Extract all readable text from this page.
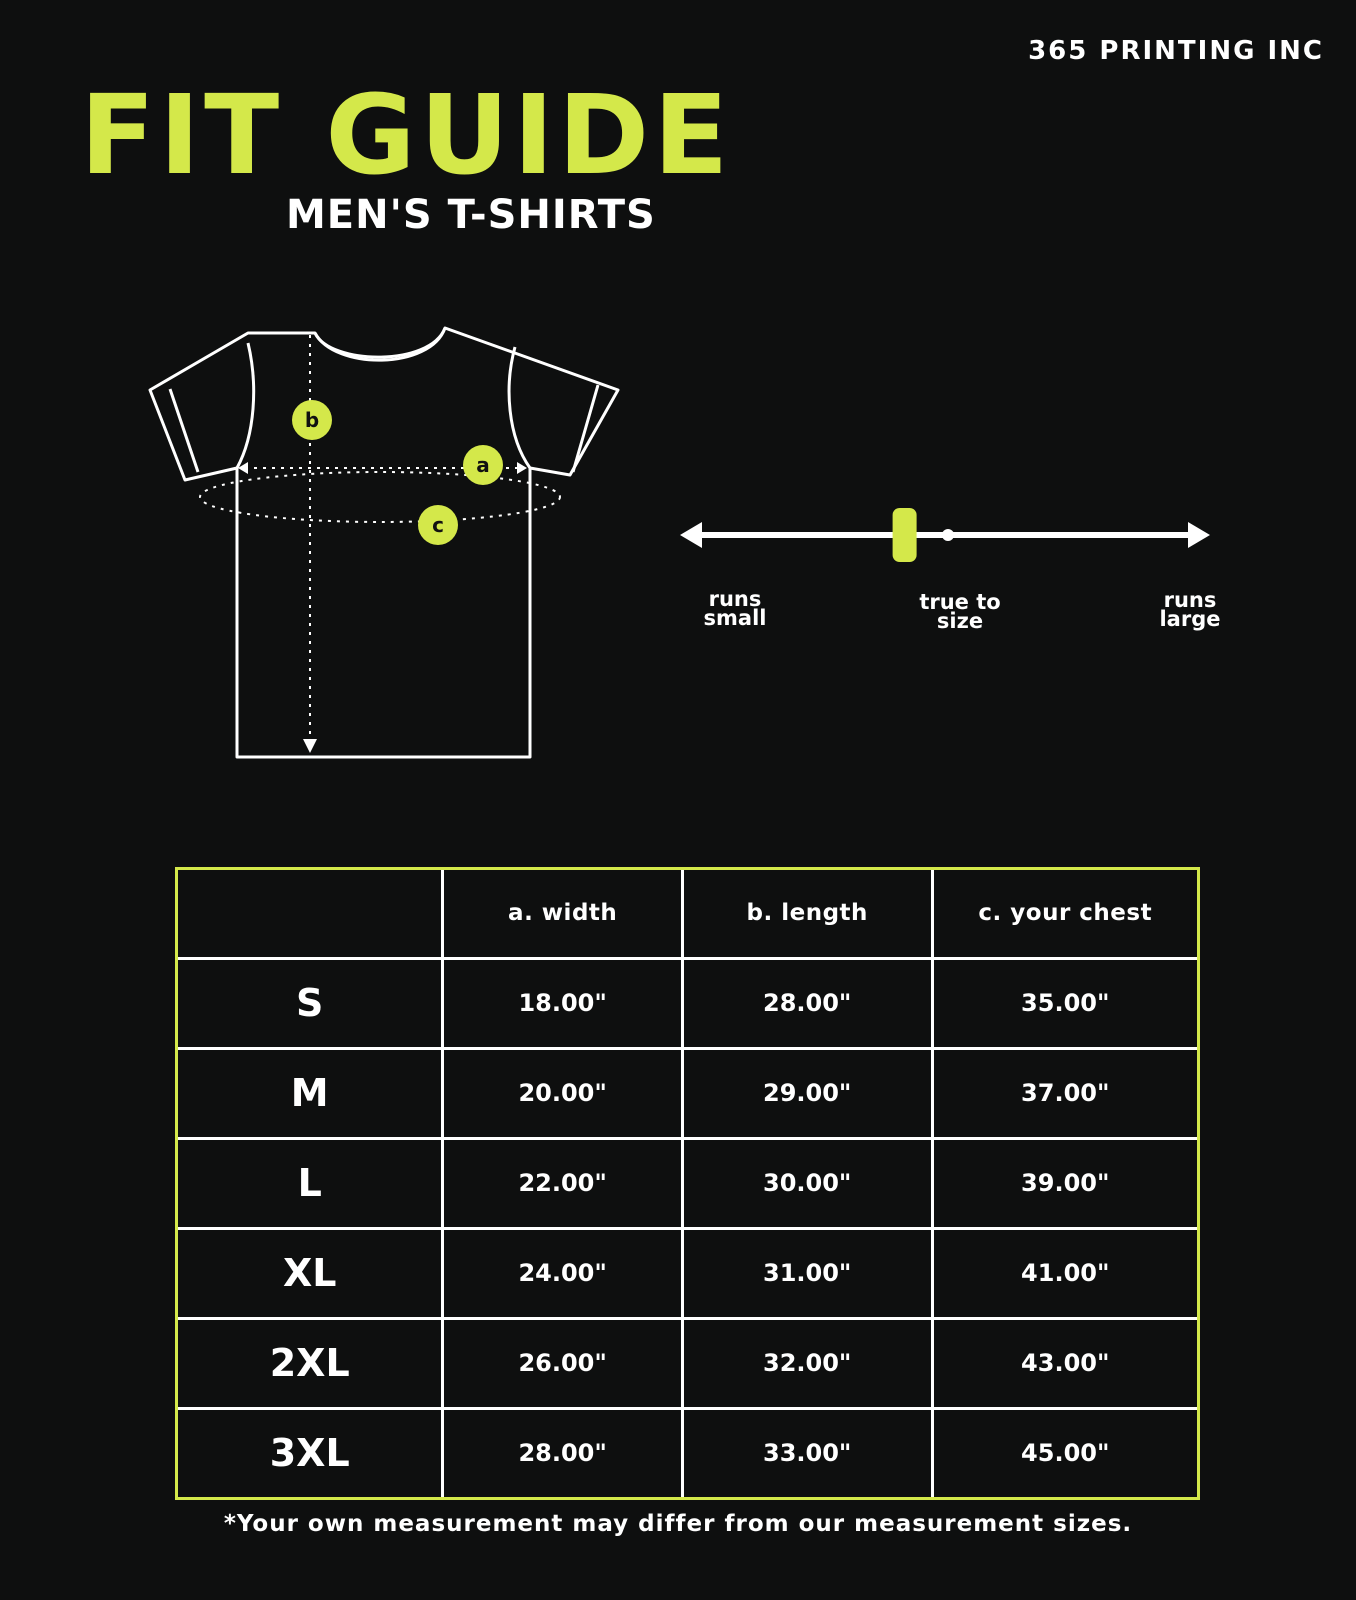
365 PRINTING INC
FIT GUIDE
MEN'S T-SHIRTS
b
a
c
runs
small
true to
size
runs
large
	a. width	b. length	c. your chest
S	18.00"	28.00"	35.00"
M	20.00"	29.00"	37.00"
L	22.00"	30.00"	39.00"
XL	24.00"	31.00"	41.00"
2XL	26.00"	32.00"	43.00"
3XL	28.00"	33.00"	45.00"
*Your own measurement may differ from our measurement sizes.
